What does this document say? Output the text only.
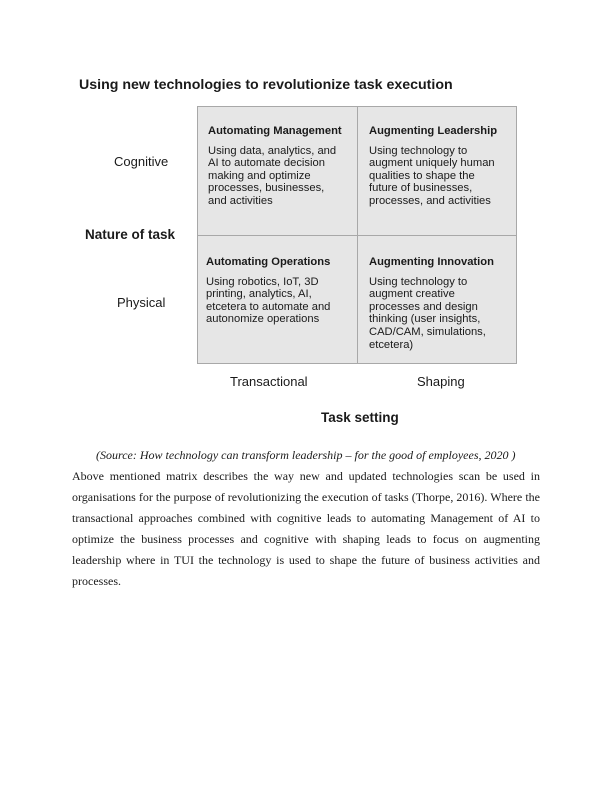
Using new technologies to revolutionize task execution
Cognitive
Nature of task
Physical
Automating Management
Using data, analytics, and
AI to automate decision
making and optimize
processes, businesses,
and activities
Augmenting Leadership
Using technology to
augment uniquely human
qualities to shape the
future of businesses,
processes, and activities
Automating Operations
Using robotics, IoT, 3D
printing, analytics, AI,
etcetera to automate and
autonomize operations
Augmenting Innovation
Using technology to
augment creative
processes and design
thinking (user insights,
CAD/CAM, simulations,
etcetera)
Transactional	Shaping
Task setting
(Source: How technology can transform leadership – for the good of employees, 2020 )

Above mentioned matrix describes the way new and updated technologies scan be used in organisations for the purpose of revolutionizing the execution of tasks (Thorpe, 2016). Where the transactional approaches combined with cognitive leads to automating Management of AI to optimize the business processes and cognitive with shaping leads to focus on augmenting leadership where in TUI the technology is used to shape the future of business activities and processes.
